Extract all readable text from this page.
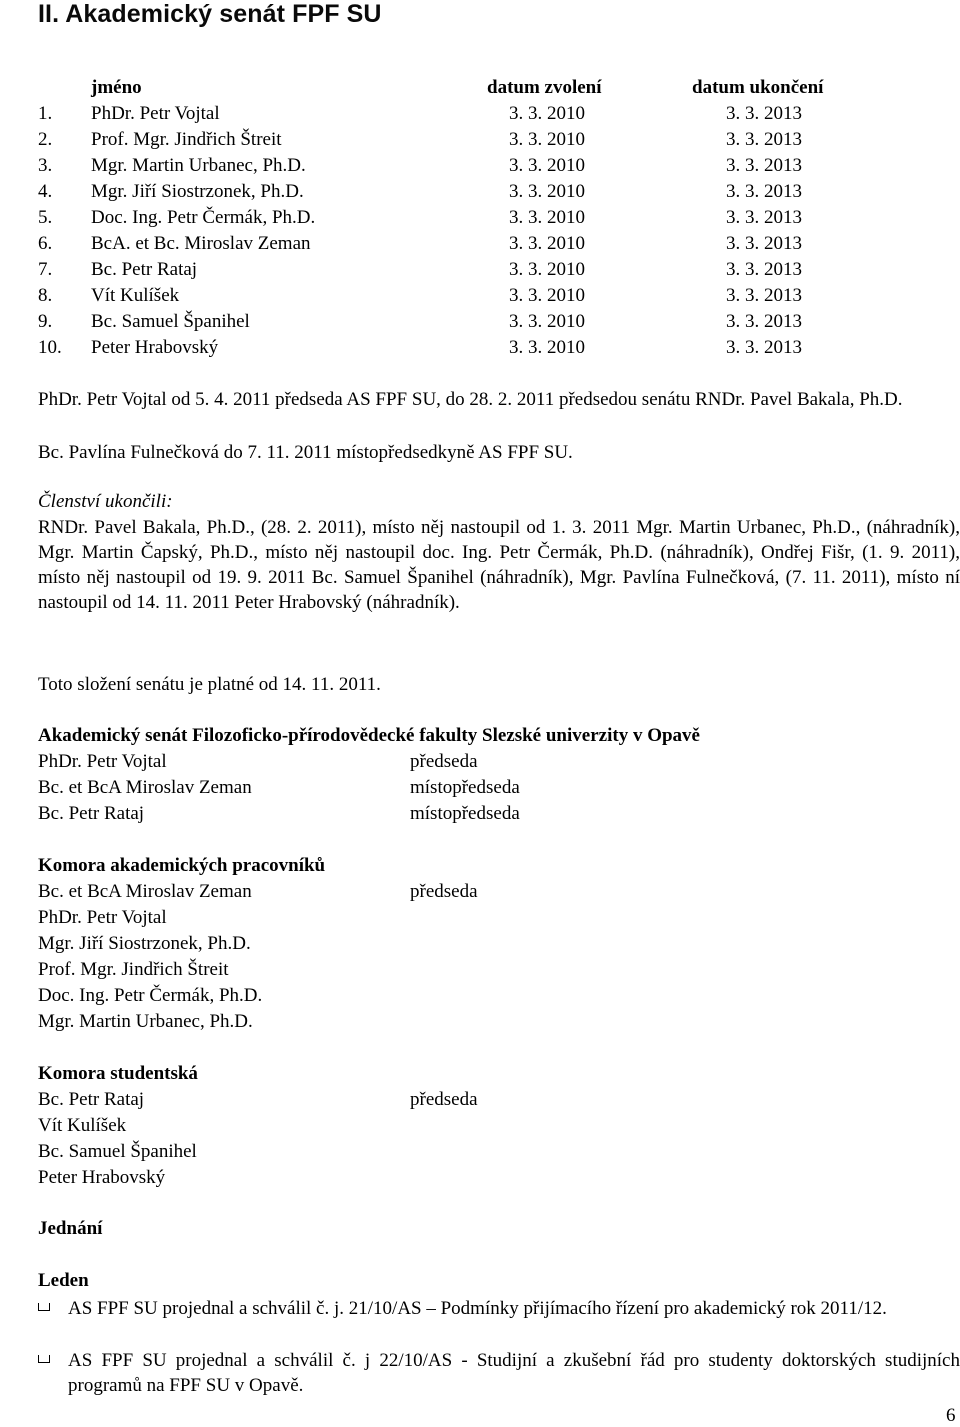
II. Akademický senát FPF SU
jméno	datum zvolení	datum ukončení
1. PhDr. Petr Vojtal	3. 3. 2010	3. 3. 2013
2. Prof. Mgr. Jindřich Štreit	3. 3. 2010	3. 3. 2013
3. Mgr. Martin Urbanec, Ph.D.	3. 3. 2010	3. 3. 2013
4. Mgr. Jiří Siostrzonek, Ph.D.	3. 3. 2010	3. 3. 2013
5. Doc. Ing. Petr Čermák, Ph.D.	3. 3. 2010	3. 3. 2013
6. BcA. et Bc. Miroslav Zeman	3. 3. 2010	3. 3. 2013
7. Bc. Petr Rataj	3. 3. 2010	3. 3. 2013
8. Vít Kulíšek	3. 3. 2010	3. 3. 2013
9. Bc. Samuel Španihel	3. 3. 2010	3. 3. 2013
10. Peter Hrabovský	3. 3. 2010	3. 3. 2013
PhDr. Petr Vojtal od 5. 4. 2011 předseda AS FPF SU, do 28. 2. 2011 předsedou senátu RNDr. Pavel Bakala, Ph.D.
Bc. Pavlína Fulnečková do 7. 11. 2011 místopředsedkyně AS FPF SU.
Členství ukončili:
RNDr. Pavel Bakala, Ph.D., (28. 2. 2011), místo něj nastoupil od 1. 3. 2011 Mgr. Martin Urbanec, Ph.D., (náhradník), Mgr. Martin Čapský, Ph.D., místo něj nastoupil doc. Ing. Petr Čermák, Ph.D. (náhradník), Ondřej Fišr, (1. 9. 2011), místo něj nastoupil od 19. 9. 2011 Bc. Samuel Španihel (náhradník), Mgr. Pavlína Fulnečková, (7. 11. 2011), místo ní nastoupil od 14. 11. 2011 Peter Hrabovský (náhradník).
Toto složení senátu je platné od 14. 11. 2011.
Akademický senát Filozoficko-přírodovědecké fakulty Slezské univerzity v Opavě
PhDr. Petr Vojtal	předseda
Bc. et BcA Miroslav Zeman	místopředseda
Bc. Petr Rataj	místopředseda
Komora akademických pracovníků
Bc. et BcA Miroslav Zeman	předseda
PhDr. Petr Vojtal
Mgr. Jiří Siostrzonek, Ph.D.
Prof. Mgr. Jindřich Štreit
Doc. Ing. Petr Čermák, Ph.D.
Mgr. Martin Urbanec, Ph.D.
Komora studentská
Bc. Petr Rataj	předseda
Vít Kulíšek
Bc. Samuel Španihel
Peter Hrabovský
Jednání
Leden
AS FPF SU projednal a schválil č. j. 21/10/AS – Podmínky přijímacího řízení pro akademický rok 2011/12.
AS FPF SU projednal a schválil č. j 22/10/AS - Studijní a zkušební řád pro studenty doktorských studijních programů na FPF SU v Opavě.
6
